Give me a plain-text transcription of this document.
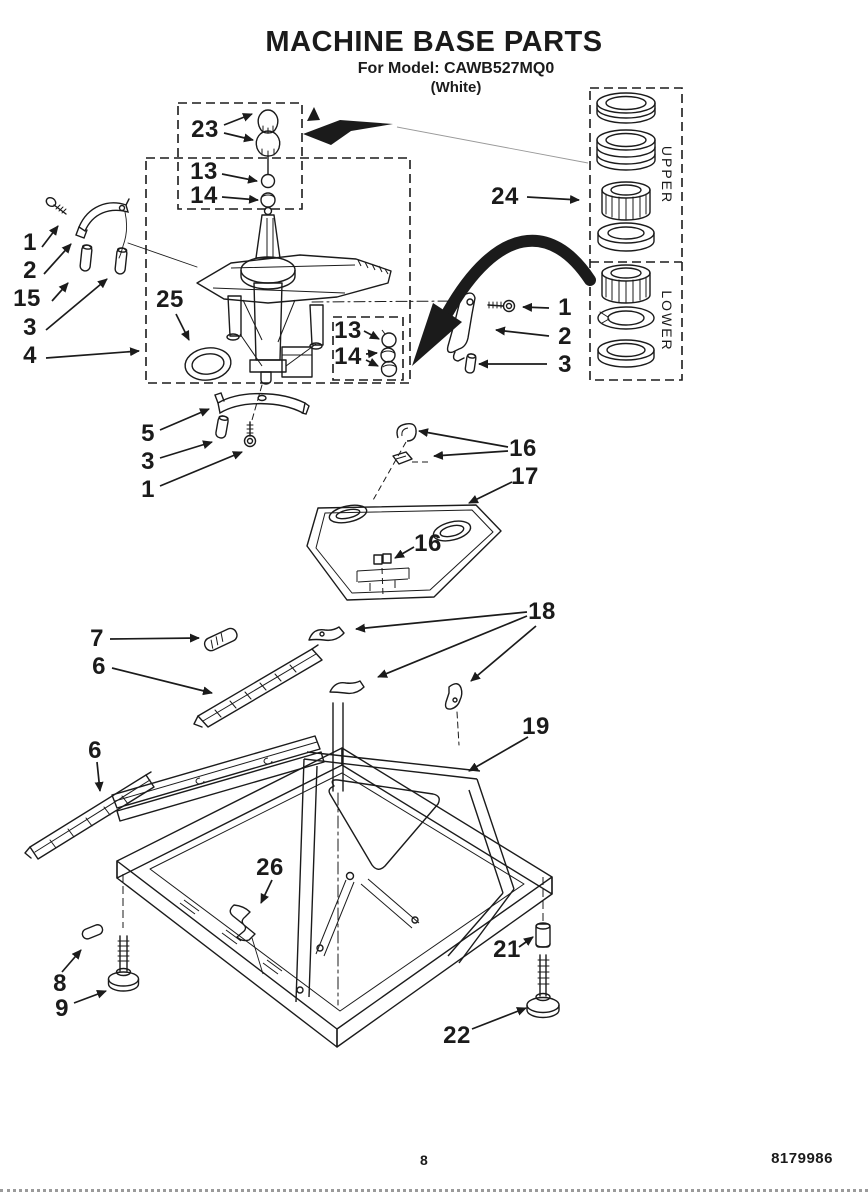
MACHINE BASE PARTS
For Model: CAWB527MQ0
(White)
UPPER
LOWER
1
2
15
3
4
23
13
14	24
25
13
14
1
2
3
5
3
1
16
17
16
7
6
18
19
6
26
8
9
21
22
8	8179986
